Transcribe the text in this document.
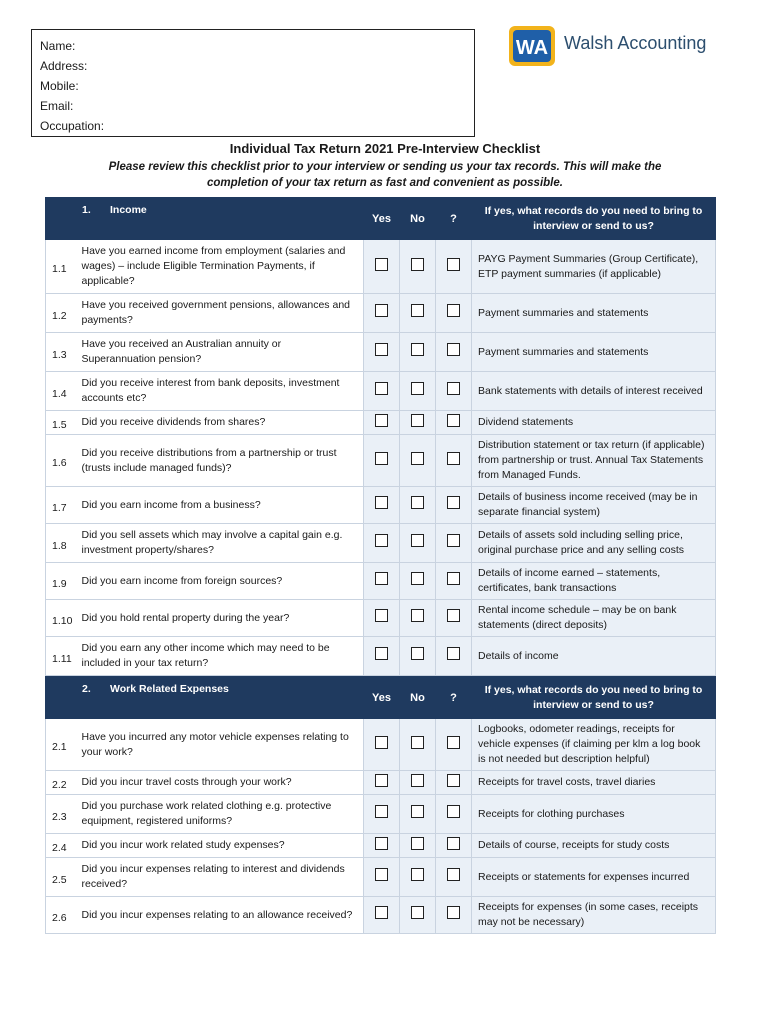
Name:
Address:
Mobile:
Email:
Occupation:
WA Walsh Accounting
Individual Tax Return 2021 Pre-Interview Checklist
Please review this checklist prior to your interview or sending us your tax records. This will make the completion of your tax return as fast and convenient as possible.
1. Income		Yes	No	?	If yes, what records do you need to bring to interview or send to us?
1.1	Have you earned income from employment (salaries and wages) – include Eligible Termination Payments, if applicable?				PAYG Payment Summaries (Group Certificate), ETP payment summaries (if applicable)
1.2	Have you received government pensions, allowances and payments?				Payment summaries and statements
1.3	Have you received an Australian annuity or Superannuation pension?				Payment summaries and statements
1.4	Did you receive interest from bank deposits, investment accounts etc?				Bank statements with details of interest received
1.5	Did you receive dividends from shares?				Dividend statements
1.6	Did you receive distributions from a partnership or trust (trusts include managed funds)?				Distribution statement or tax return (if applicable) from partnership or trust. Annual Tax Statements from Managed Funds.
1.7	Did you earn income from a business?				Details of business income received (may be in separate financial system)
1.8	Did you sell assets which may involve a capital gain e.g. investment property/shares?				Details of assets sold including selling price, original purchase price and any selling costs
1.9	Did you earn income from foreign sources?				Details of income earned – statements, certificates, bank transactions
1.10	Did you hold rental property during the year?				Rental income schedule – may be on bank statements (direct deposits)
1.11	Did you earn any other income which may need to be included in your tax return?				Details of income
2. Work Related Expenses		Yes	No	?	If yes, what records do you need to bring to interview or send to us?
2.1	Have you incurred any motor vehicle expenses relating to your work?				Logbooks, odometer readings, receipts for vehicle expenses (if claiming per klm a log book is not needed but description helpful)
2.2	Did you incur travel costs through your work?				Receipts for travel costs, travel diaries
2.3	Did you purchase work related clothing e.g. protective equipment, registered uniforms?				Receipts for clothing purchases
2.4	Did you incur work related study expenses?				Details of course, receipts for study costs
2.5	Did you incur expenses relating to interest and dividends received?				Receipts or statements for expenses incurred
2.6	Did you incur expenses relating to an allowance received?				Receipts for expenses (in some cases, receipts may not be necessary)
